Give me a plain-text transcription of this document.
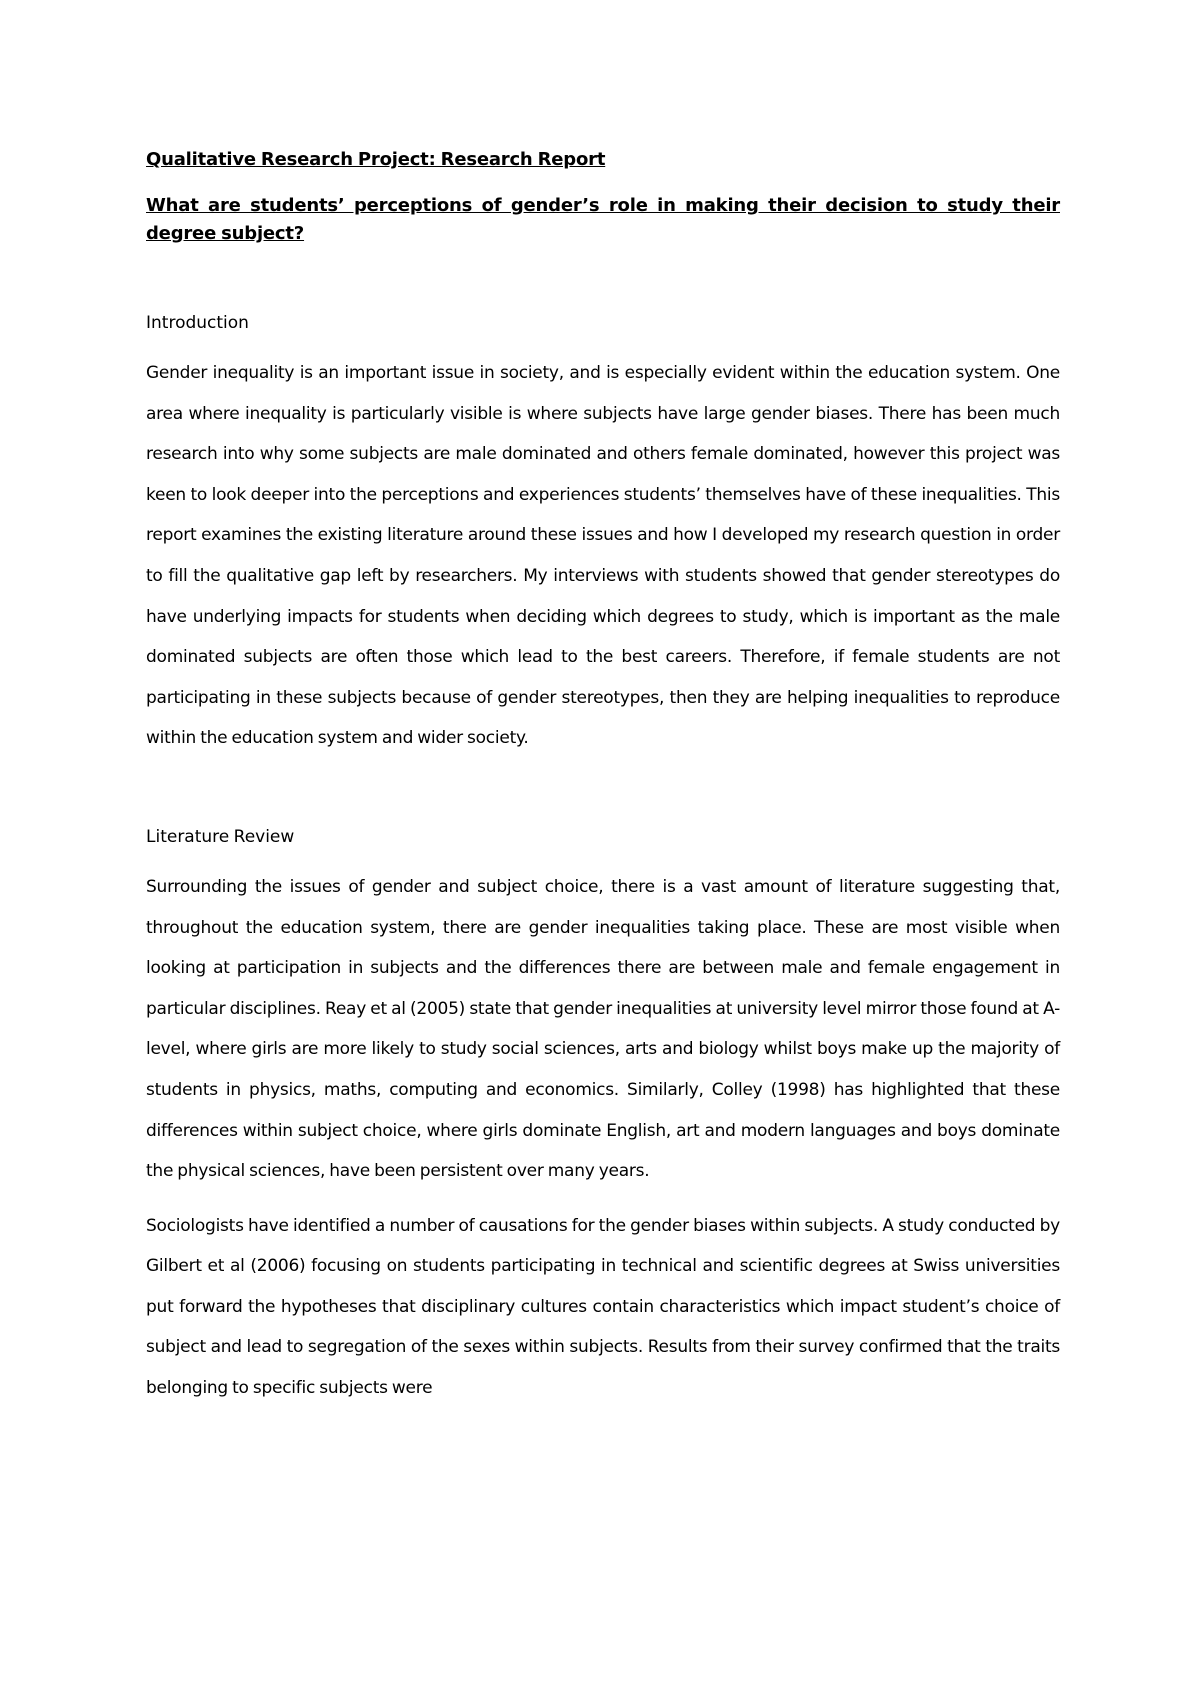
Qualitative Research Project: Research Report
What are students’ perceptions of gender’s role in making their decision to study their degree subject?
Introduction

Gender inequality is an important issue in society, and is especially evident within the education system. One area where inequality is particularly visible is where subjects have large gender biases. There has been much research into why some subjects are male dominated and others female dominated, however this project was keen to look deeper into the perceptions and experiences students’ themselves have of these inequalities. This report examines the existing literature around these issues and how I developed my research question in order to fill the qualitative gap left by researchers. My interviews with students showed that gender stereotypes do have underlying impacts for students when deciding which degrees to study, which is important as the male dominated subjects are often those which lead to the best careers. Therefore, if female students are not participating in these subjects because of gender stereotypes, then they are helping inequalities to reproduce within the education system and wider society.

Literature Review

Surrounding the issues of gender and subject choice, there is a vast amount of literature suggesting that, throughout the education system, there are gender inequalities taking place. These are most visible when looking at participation in subjects and the differences there are between male and female engagement in particular disciplines. Reay et al (2005) state that gender inequalities at university level mirror those found at A-level, where girls are more likely to study social sciences, arts and biology whilst boys make up the majority of students in physics, maths, computing and economics. Similarly, Colley (1998) has highlighted that these differences within subject choice, where girls dominate English, art and modern languages and boys dominate the physical sciences, have been persistent over many years.

Sociologists have identified a number of causations for the gender biases within subjects. A study conducted by Gilbert et al (2006) focusing on students participating in technical and scientific degrees at Swiss universities put forward the hypotheses that disciplinary cultures contain characteristics which impact student’s choice of subject and lead to segregation of the sexes within subjects. Results from their survey confirmed that the traits belonging to specific subjects were
